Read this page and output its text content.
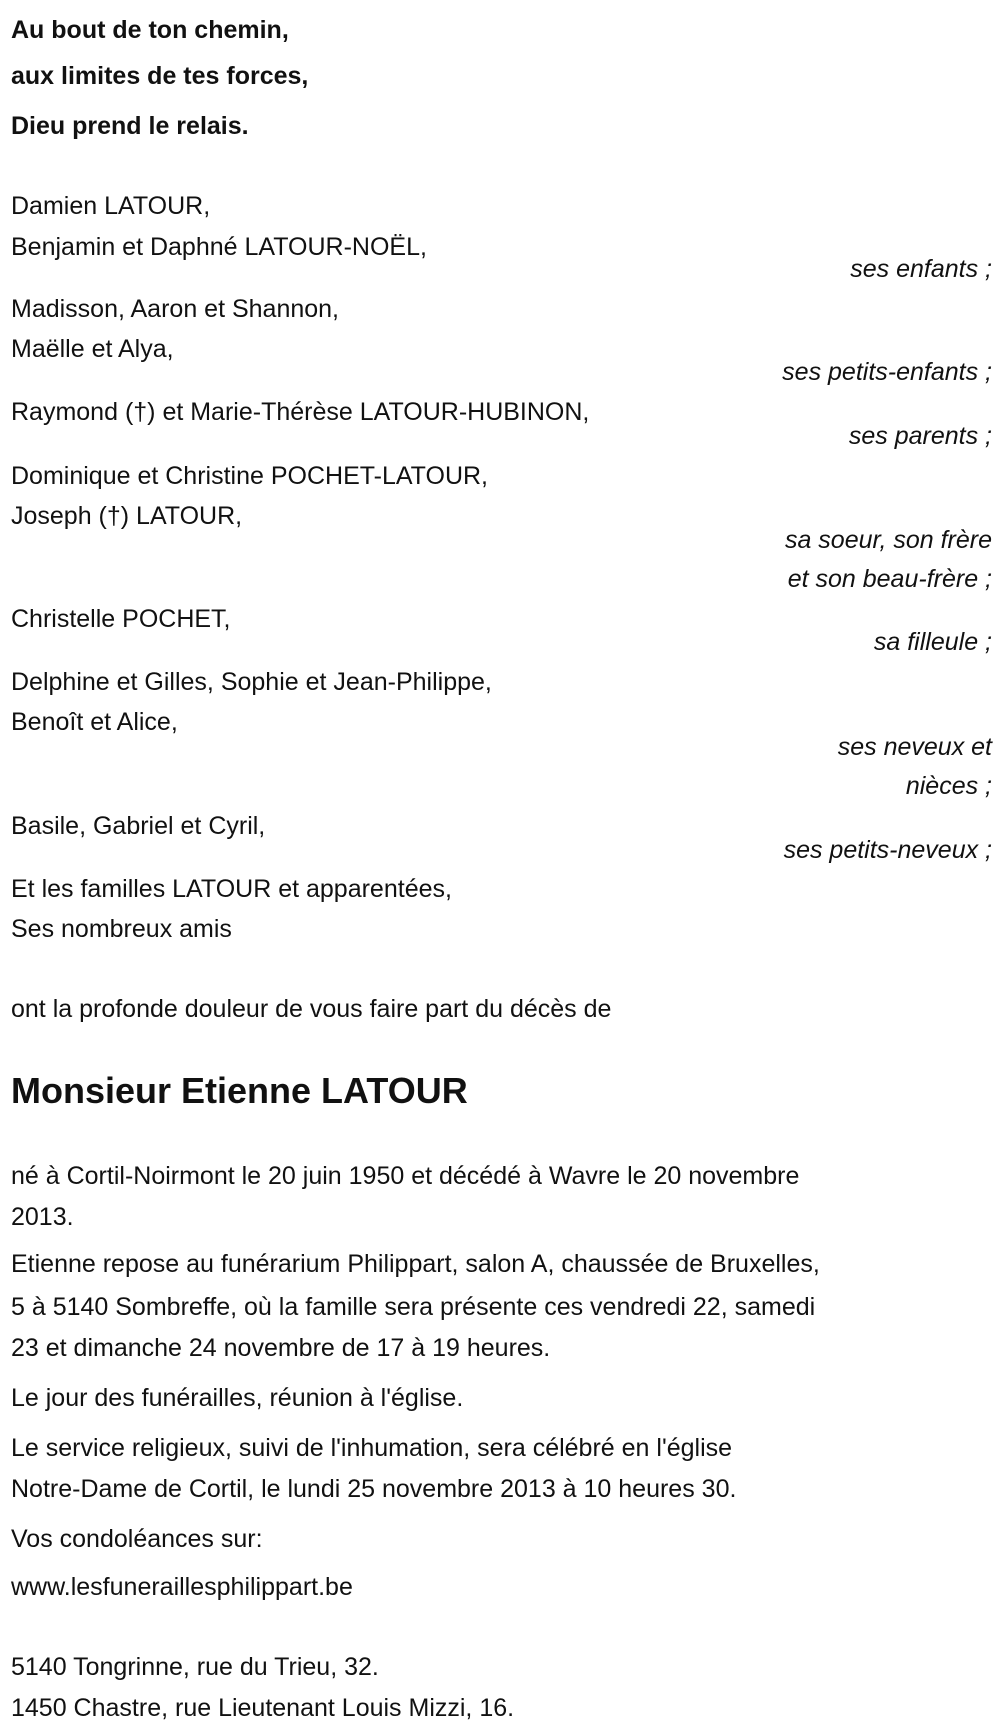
Au bout de ton chemin,
aux limites de tes forces,
Dieu prend le relais.
Damien LATOUR,
Benjamin et Daphné LATOUR-NOËL,
ses enfants ;
Madisson, Aaron et Shannon,
Maëlle et Alya,
ses petits-enfants ;
Raymond (†) et Marie-Thérèse LATOUR-HUBINON,
ses parents ;
Dominique et Christine POCHET-LATOUR,
Joseph (†) LATOUR,
sa soeur, son frère
et son beau-frère ;
Christelle POCHET,
sa filleule ;
Delphine et Gilles, Sophie et Jean-Philippe,
Benoît et Alice,
ses neveux et
nièces ;
Basile, Gabriel et Cyril,
ses petits-neveux ;
Et les familles LATOUR et apparentées,
Ses nombreux amis
ont la profonde douleur de vous faire part du décès de
Monsieur Etienne LATOUR
né à Cortil-Noirmont le 20 juin 1950 et décédé à Wavre le 20 novembre
2013.
Etienne repose au funérarium Philippart, salon A, chaussée de Bruxelles,
5 à 5140 Sombreffe, où la famille sera présente ces vendredi 22, samedi
23 et dimanche 24 novembre de 17 à 19 heures.
Le jour des funérailles, réunion à l'église.
Le service religieux, suivi de l'inhumation, sera célébré en l'église
Notre-Dame de Cortil, le lundi 25 novembre 2013 à 10 heures 30.
Vos condoléances sur:
www.lesfuneraillesphilippart.be
5140 Tongrinne, rue du Trieu, 32.
1450 Chastre, rue Lieutenant Louis Mizzi, 16.
